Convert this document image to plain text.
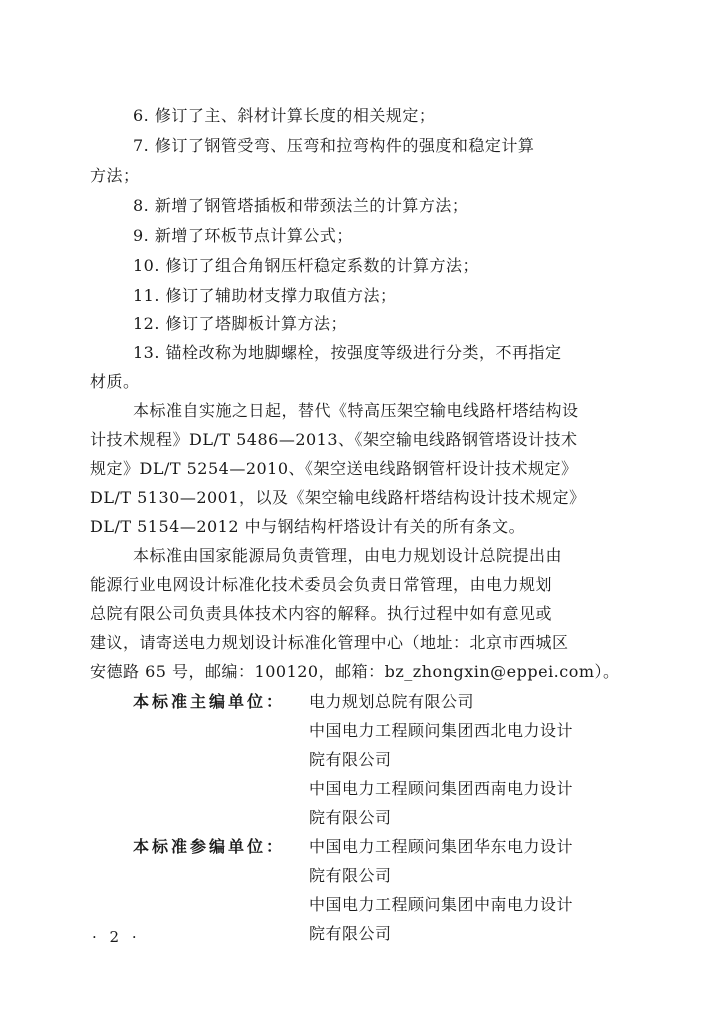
6. 修订了主、斜材计算长度的相关规定；
7. 修订了钢管受弯、压弯和拉弯构件的强度和稳定计算
方法；
8. 新增了钢管塔插板和带颈法兰的计算方法；
9. 新增了环板节点计算公式；
10. 修订了组合角钢压杆稳定系数的计算方法；
11. 修订了辅助材支撑力取值方法；
12. 修订了塔脚板计算方法；
13. 锚栓改称为地脚螺栓，按强度等级进行分类，不再指定
材质。
本标准自实施之日起，替代《特高压架空输电线路杆塔结构设
计技术规程》DL/T 5486—2013、《架空输电线路钢管塔设计技术
规定》DL/T 5254—2010、《架空送电线路钢管杆设计技术规定》
DL/T 5130—2001，以及《架空输电线路杆塔结构设计技术规定》
DL/T 5154—2012 中与钢结构杆塔设计有关的所有条文。
本标准由国家能源局负责管理，由电力规划设计总院提出由
能源行业电网设计标准化技术委员会负责日常管理，由电力规划
总院有限公司负责具体技术内容的解释。执行过程中如有意见或
建议，请寄送电力规划设计标准化管理中心（地址：北京市西城区
安德路 65 号，邮编：100120，邮箱：bz_zhongxin@eppei.com）。
本标准主编单位： 电力规划总院有限公司
中国电力工程顾问集团西北电力设计
院有限公司
中国电力工程顾问集团西南电力设计
院有限公司
本标准参编单位： 中国电力工程顾问集团华东电力设计
院有限公司
中国电力工程顾问集团中南电力设计
院有限公司
· 2 ·
